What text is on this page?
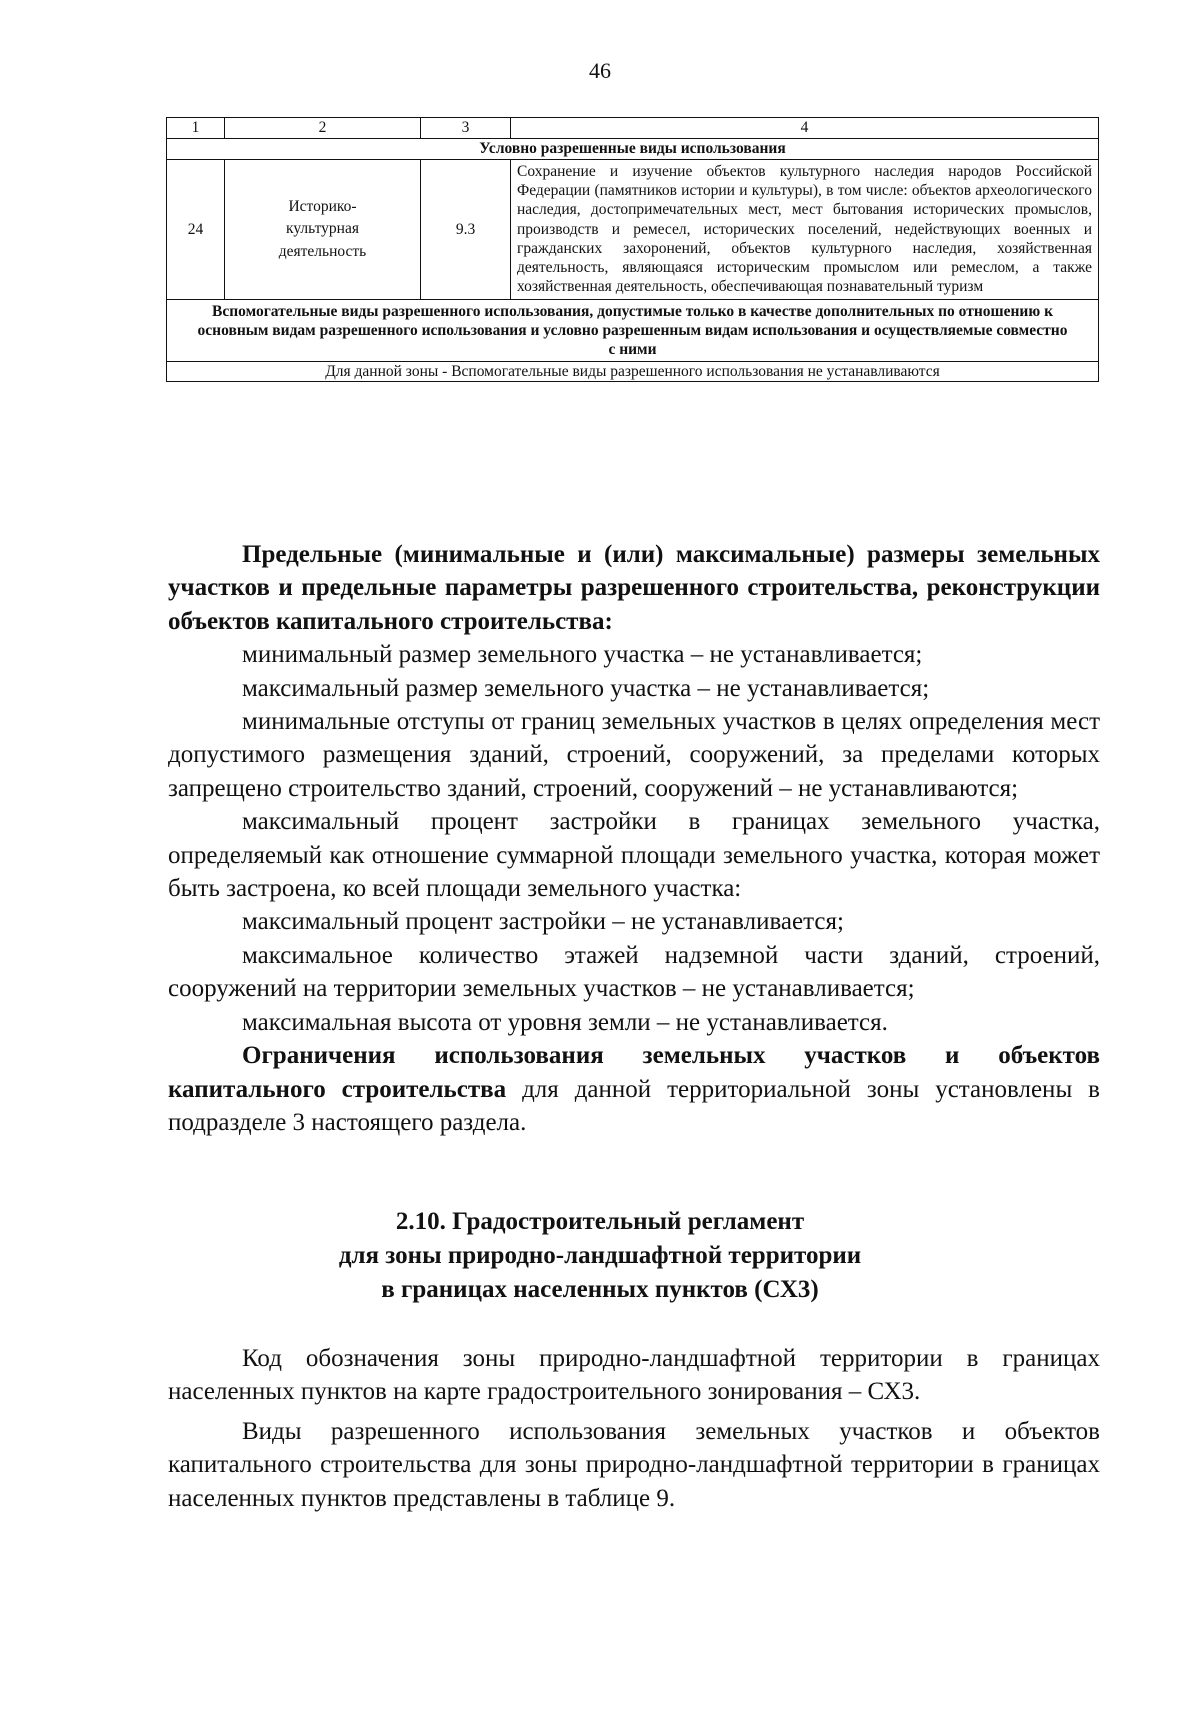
46
1	2	3	4
Условно разрешенные виды использования			
24	Историко-культурная деятельность	9.3	Сохранение и изучение объектов культурного наследия народов Российской Федерации (памятников истории и культуры), в том числе: объектов археологического наследия, достопримечательных мест, мест бытования исторических промыслов, производств и ремесел, исторических поселений, недействующих военных и гражданских захоронений, объектов культурного наследия, хозяйственная деятельность, являющаяся историческим промыслом или ремеслом, а также хозяйственная деятельность, обеспечивающая познавательный туризм
Вспомогательные виды разрешенного использования, допустимые только в качестве дополнительных по отношению к основным видам разрешенного использования и условно разрешенным видам использования и осуществляемые совместно с ними			
Для данной зоны - Вспомогательные виды разрешенного использования не устанавливаются			

Предельные (минимальные и (или) максимальные) размеры земельных участков и предельные параметры разрешенного строительства, реконструкции объектов капитального строительства:

минимальный размер земельного участка – не устанавливается;

максимальный размер земельного участка – не устанавливается;

минимальные отступы от границ земельных участков в целях определения мест допустимого размещения зданий, строений, сооружений, за пределами которых запрещено строительство зданий, строений, сооружений – не устанавливаются;

максимальный процент застройки в границах земельного участка, определяемый как отношение суммарной площади земельного участка, которая может быть застроена, ко всей площади земельного участка:

максимальный процент застройки – не устанавливается;

максимальное количество этажей надземной части зданий, строений, сооружений на территории земельных участков – не устанавливается;

максимальная высота от уровня земли – не устанавливается.

Ограничения использования земельных участков и объектов капитального строительства для данной территориальной зоны установлены в подразделе 3 настоящего раздела.

2.10. Градостроительный регламент
для зоны природно-ландшафтной территории
в границах населенных пунктов (СХ3)

Код обозначения зоны природно-ландшафтной территории в границах населенных пунктов на карте градостроительного зонирования – СХ3.

Виды разрешенного использования земельных участков и объектов капитального строительства для зоны природно-ландшафтной территории в границах населенных пунктов представлены в таблице 9.
